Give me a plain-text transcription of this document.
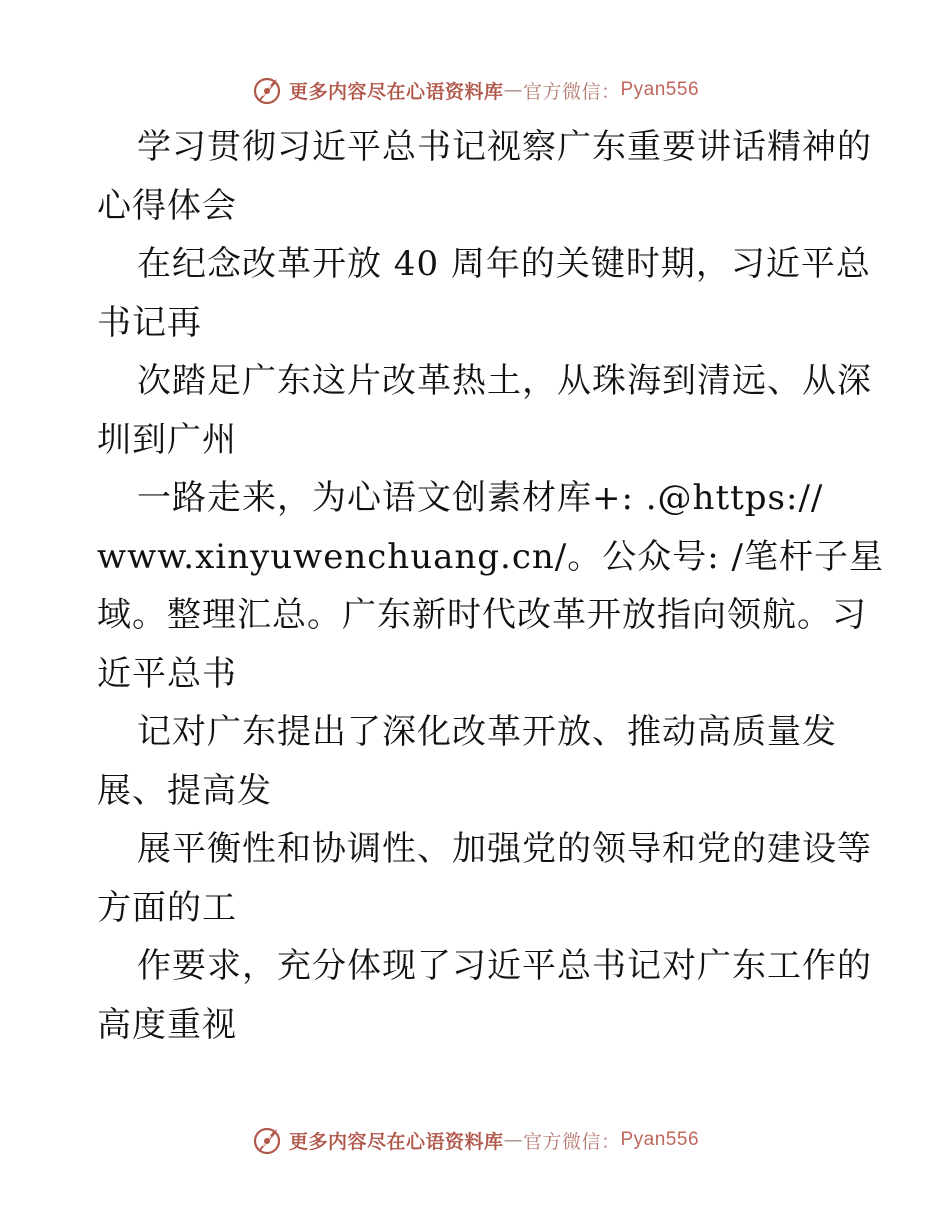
更多内容尽在心语资料库 — 官方微信： Pyan556

学习贯彻习近平总书记视察广东重要讲话精神的

心得体会

在纪念改革开放 40 周年的关键时期，习近平总

书记再

次踏足广东这片改革热土，从珠海到清远、从深

圳到广州

一路走来，为心语文创素材库+: .@https://

www.xinyuwenchuang.cn/。公众号: /笔杆子星

域。整理汇总。广东新时代改革开放指向领航。习

近平总书

记对广东提出了深化改革开放、推动高质量发

展、提高发

展平衡性和协调性、加强党的领导和党的建设等

方面的工

作要求，充分体现了习近平总书记对广东工作的

高度重视

更多内容尽在心语资料库 — 官方微信： Pyan556
